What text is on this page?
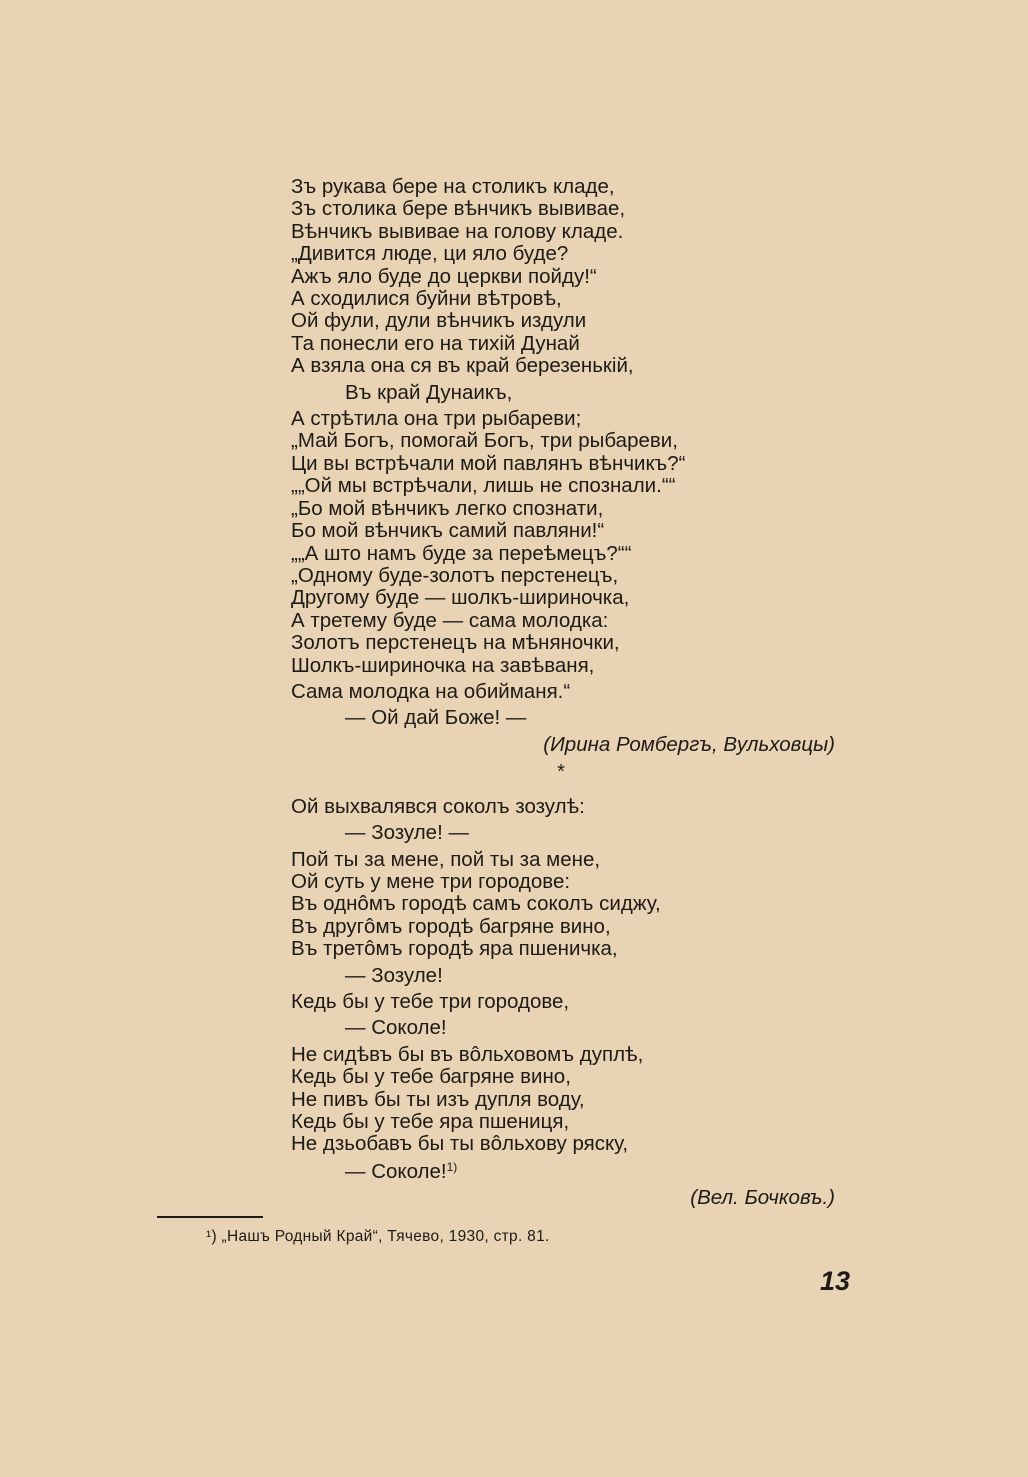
Зъ рукава бере на столикъ кладе,
Зъ столика бере вѣнчикъ вывивае,
Вѣнчикъ вывивае на голову кладе.
„Дивится люде, ци яло буде?
Ажъ яло буде до церкви пойду!“
А сходилися буйни вѣтровѣ,
Ой фули, дули вѣнчикъ издули
Та понесли его на тихій Дунай
А взяла она ся въ край березенькій,
Въ край Дунаикъ,
А стрѣтила она три рыбареви;
„Май Богъ, помогай Богъ, три рыбареви,
Ци вы встрѣчали мой павлянъ вѣнчикъ?“
„„Ой мы встрѣчали, лишь не спознали.““
„Бо мой вѣнчикъ легко спознати,
Бо мой вѣнчикъ самий павляни!“
„„А што намъ буде за переѣмецъ?““
„Одному буде-золотъ перстенецъ,
Другому буде — шолкъ-шириночка,
А третему буде — сама молодка:
Золотъ перстенецъ на мѣняночки,
Шолкъ-шириночка на завѣваня,
Сама молодка на обийманя.“
— Ой дай Боже! —
(Ирина Ромбергъ, Вульховцы)
*
Ой выхвалявся соколъ зозулѣ:
— Зозуле! —
Пой ты за мене, пой ты за мене,
Ой суть у мене три городове:
Въ однôмъ городѣ самъ соколъ сиджу,
Въ другôмъ городѣ багряне вино,
Въ третôмъ городѣ яра пшеничка,
— Зозуле!
Кедь бы у тебе три городове,
— Соколе!
Не сидѣвъ бы въ вôльховомъ дуплѣ,
Кедь бы у тебе багряне вино,
Не пивъ бы ты изъ дупля воду,
Кедь бы у тебе яра пшениця,
Не дзьобавъ бы ты вôльхову ряску,
— Соколе!$^{1)}$
(Вел. Бочковъ.)
¹) „Нашъ Родный Край“, Тячево, 1930, стр. 81.
13
